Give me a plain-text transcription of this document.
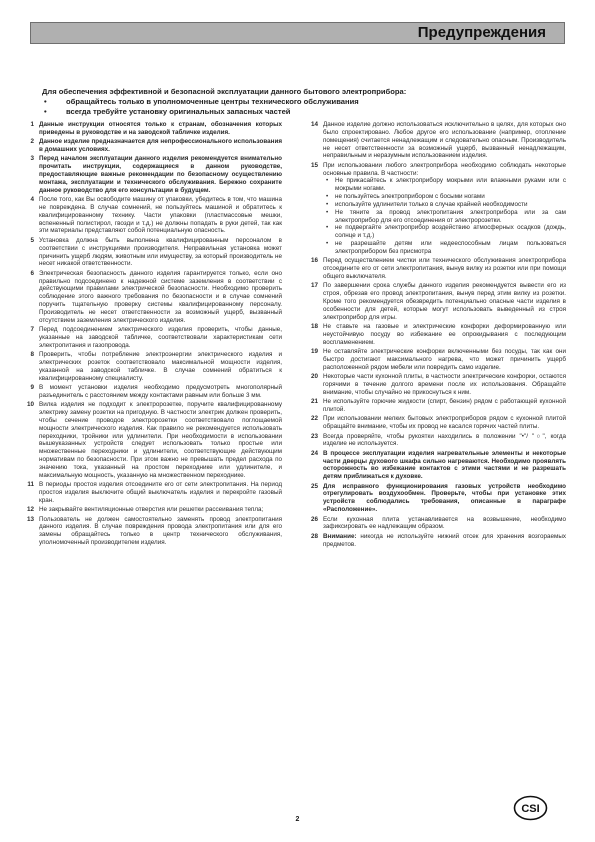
Предупреждения
Для обеспечения эффективной и безопасной эксплуатации данного бытового электроприбора:
•	обращайтесь только в уполномоченные центры технического обслуживания
•	всегда требуйте установку оригинальных запасных частей
1 Данные инструкции относятся только к странам, обозначения которых приведены в руководстве и на заводской табличке изделия.
2 Данное изделие предназначается для непрофессионального использования в домашних условиях.
3 Перед началом эксплуатации данного изделия рекомендуется внимательно прочитать инструкции, содержащиеся в данном руководстве, предоставляющие важные рекомендации по безопасному осуществлению монтажа, эксплуатации и технического обслуживания. Бережно сохраните данное руководство для его консультации в будущем.
4 После того, как Вы освободите машину от упаковки, убедитесь в том, что машина не повреждена. В случае сомнений, не пользуйтесь машиной и обратитесь к квалифицированному технику. Части упаковки (пластмассовые мешки, вспененный полистирол, гвозди и т.д.) не должны попадать в руки детей, так как эти материалы представляют собой потенциальную опасность.
5 Установка должна быть выполнена квалифицированным персоналом в соответствии с инструкциями производителя. Неправильная установка может причинить ущерб людям, животным или имуществу, за который производитель не несет никакой ответственности.
6 Электрическая безопасность данного изделия гарантируется только, если оно правильно подсоединено к надежной системе заземления в соответствии с действующими правилами электрической безопасности. Необходимо проверить соблюдение этого важного требования по безопасности и в случае сомнений поручить тщательную проверку системы квалифицированному персоналу. Производитель не несет ответственности за возможный ущерб, вызванный отсутствием заземления электрического изделия.
7 Перед подсоединением электрического изделия проверить, чтобы данные, указанные на заводской табличке, соответствовали характеристикам сети электропитания и газопровода.
8 Проверить, чтобы потребление электроэнергии электрического изделия и электрических розеток соответствовало максимальной мощности изделия, указанной на заводской табличке. В случае сомнений обратиться к квалифицированному специалисту.
9 В момент установки изделия необходимо предусмотреть многополярный разъединитель с расстоянием между контактами равным или больше 3 мм.
10 Вилка изделия не подходит к электророзетке, поручите квалифицированному электрику замену розетки на пригодную. В частности электрик должен проверить, чтобы сечение проводов электророзетки соответствовало поглощаемой мощности электрического изделия. Как правило не рекомендуется использовать переходники, тройники или удлинители. При необходимости в использовании вышеуказанных устройств следует использовать только простые или множественные переходники и удлинители, соответствующие действующим нормативам по безопасности. При этом важно не превышать предел расхода по значению тока, указанный на простом переходнике или удлинителе, и максимальную мощность, указанную на множественном переходнике.
11 В периоды простоя изделия отсоедините его от сети электропитания. На период простоя изделия выключите общий выключатель изделия и перекройте газовый кран.
12 Не закрывайте вентиляционные отверстия или решетки рассеивания тепла;
13 Пользователь не должен самостоятельно заменять провод электропитания данного изделия. В случае повреждения провода электропитания или для его замены обращайтесь только в центр технического обслуживания, уполномоченный производителем изделия.
14 Данное изделие должно использоваться исключительно в целях, для которых оно было спроектировано. Любое другое его использование (например, отопление помещения) считается ненадлежащим и следовательно опасным. Производитель не несет ответственности за возможный ущерб, вызванный ненадлежащим, неправильным и неразумным использованием изделия.
15 При использовании любого электроприбора необходимо соблюдать некоторые основные правила. В частности:
• Не прикасайтесь к электроприбору мокрыми или влажными руками или с мокрыми ногами.
• не пользуйтесь электроприбором с босыми ногами
• используйте удлинители только в случае крайней необходимости
• Не тяните за провод электропитания электроприбора или за сам электроприбор для его отсоединения от электророзетки.
• не подвергайте электроприбор воздействию атмосферных осадков (дождь, солнце и т.д.)
• не разрешайте детям или недееспособным лицам пользоваться электроприбором без присмотра
16 Перед осуществлением чистки или технического обслуживания электроприбора отсоедините его от сети электропитания, вынув вилку из розетки или при помощи общего выключателя.
17 По завершении срока службы данного изделия рекомендуется вывести его из строя, обрезав его провод электропитания, вынув перед этим вилку из розетки. Кроме того рекомендуется обезвредить потенциально опасные части изделия в особенности для детей, которые могут использовать выведенный из строя электроприбор для игры.
18 Не ставьте на газовые и электрические конфорки деформированную или неустойчивую посуду во избежание ее опрокидывания с последующим воспламенением.
19 Не оставляйте электрические конфорки включенными без посуды, так как они быстро достигают максимального нагрева, что может причинить ущерб расположенной рядом мебели или повредить само изделие.
20 Некоторые части кухонной плиты, в частности электрические конфорки, остаются горячими в течение долгого времени после их использования. Обращайте внимание, чтобы случайно не прикоснуться к ним.
21 Не используйте горючие жидкости (спирт, бензин) рядом с работающей кухонной плитой.
22 При использовании мелких бытовых электроприборов рядом с кухонной плитой обращайте внимание, чтобы их провод не касался горячих частей плиты.
23 Всегда проверяйте, чтобы рукоятки находились в положении "•"/ "○", когда изделие не используется.
24 В процессе эксплуатации изделия нагревательные элементы и некоторые части дверцы духового шкафа сильно нагреваются. Необходимо проявлять осторожность во избежание контактов с этими частями и не разрешать детям приближаться к духовке.
25 Для исправного функционирования газовых устройств необходимо отрегулировать воздухообмен. Проверьте, чтобы при установке этих устройств соблюдались требования, описанные в параграфе «Расположение».
26 Если кухонная плита устанавливается на возвышение, необходимо зафиксировать ее надлежащим образом.
28 Внимание: никогда не используйте нижний отсек для хранения возгораемых предметов.
2
CSI
